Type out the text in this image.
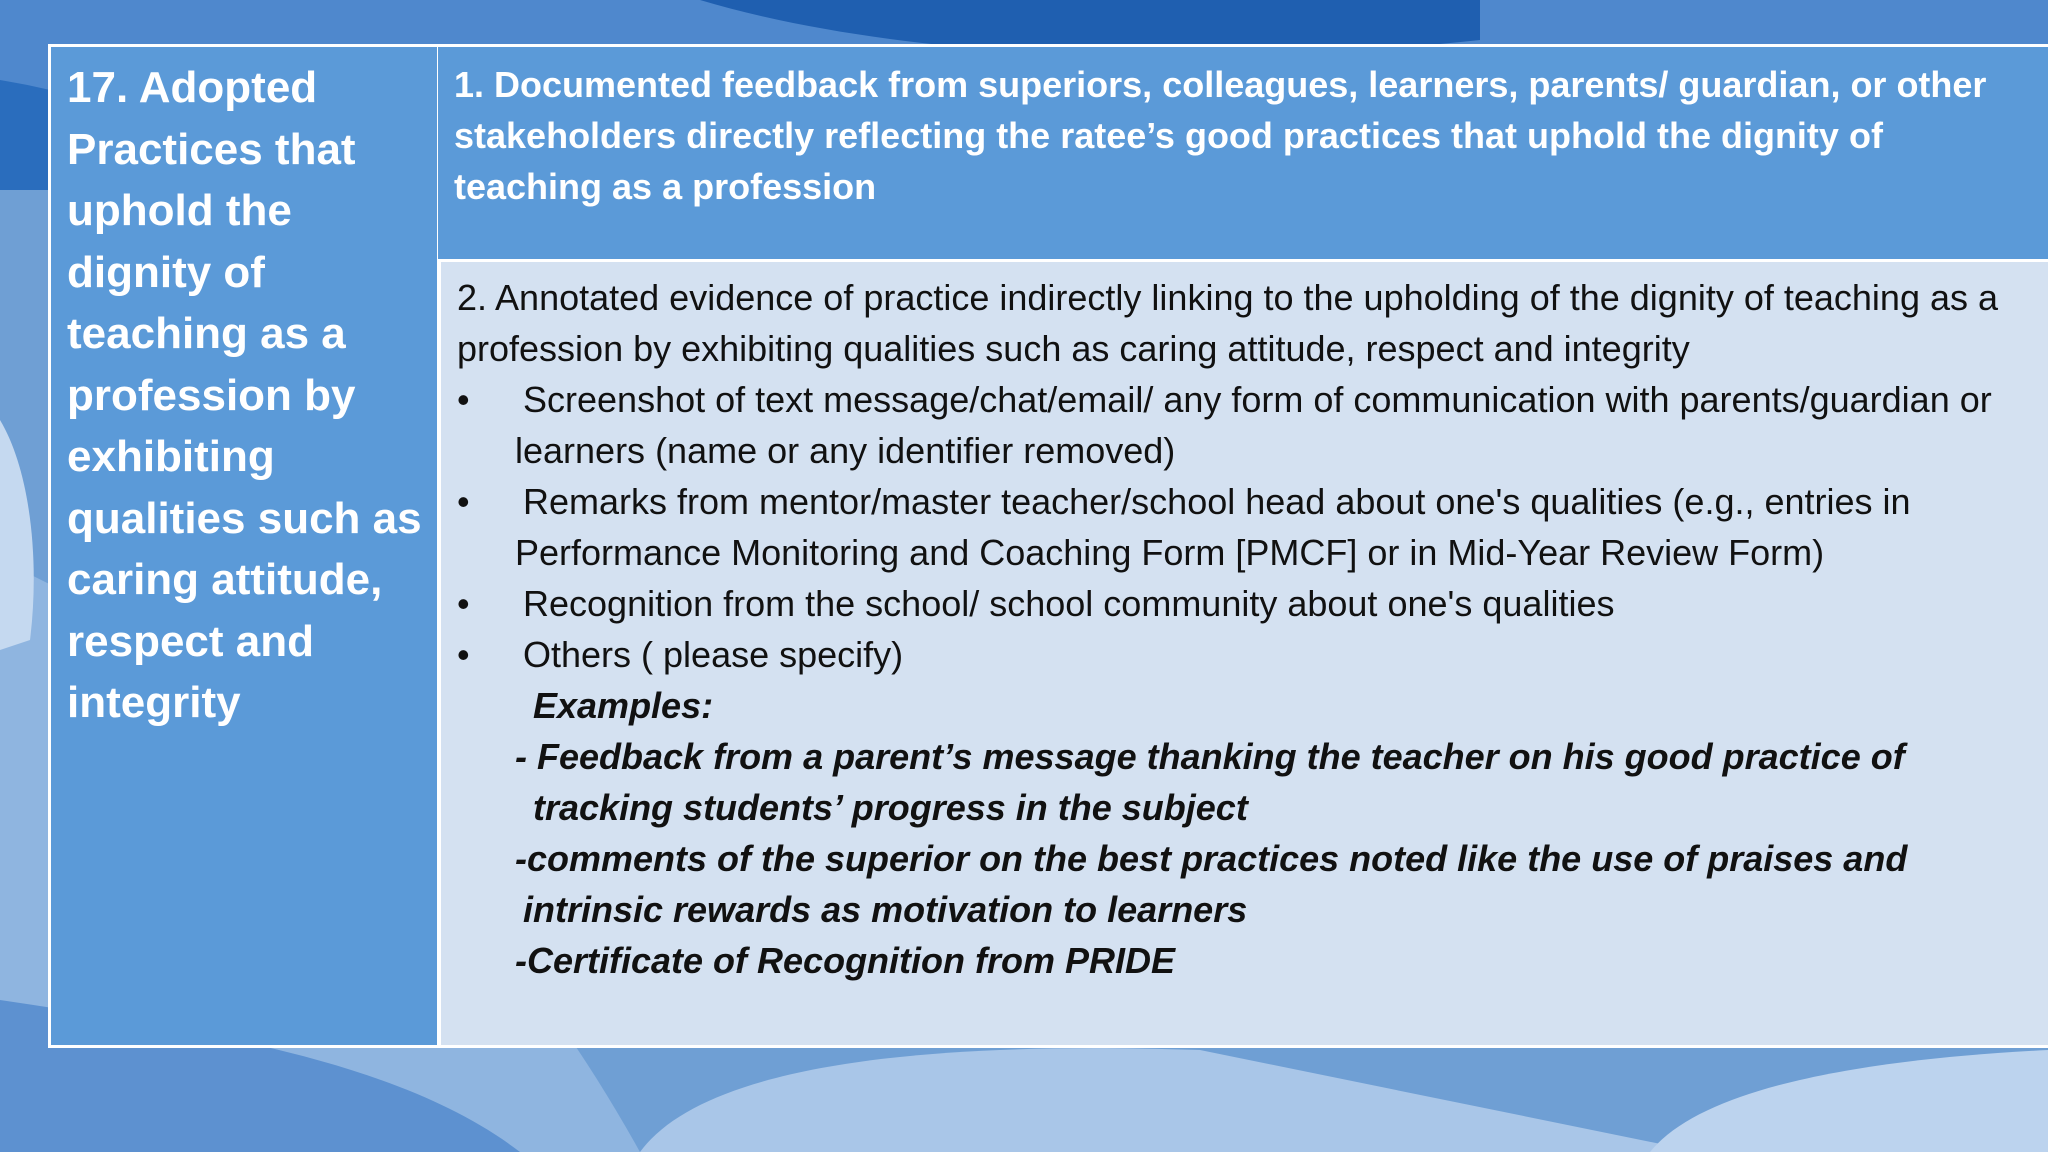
17. Adopted Practices that uphold the dignity of teaching as a profession by exhibiting qualities such as caring attitude, respect and integrity
1. Documented feedback from superiors, colleagues, learners, parents/ guardian, or other stakeholders directly reflecting the ratee’s good practices that uphold the dignity of teaching as a profession

2. Annotated evidence of practice indirectly linking to the upholding of the dignity of teaching as a profession by exhibiting qualities such as caring attitude, respect and integrity

•	Screenshot of text message/chat/email/ any form of communication with parents/guardian or learners (name or any identifier removed)
•	Remarks from mentor/master teacher/school head about one's qualities (e.g., entries in Performance Monitoring and Coaching Form [PMCF] or in Mid-Year Review Form)
•	Recognition from the school/ school community about one's qualities
•	Others ( please specify)
Examples:
- Feedback from a parent’s message thanking the teacher on his good practice of
tracking students’ progress in the subject
-comments of the superior on the best practices noted like the use of praises and
intrinsic rewards as motivation to learners
-Certificate of Recognition from PRIDE
